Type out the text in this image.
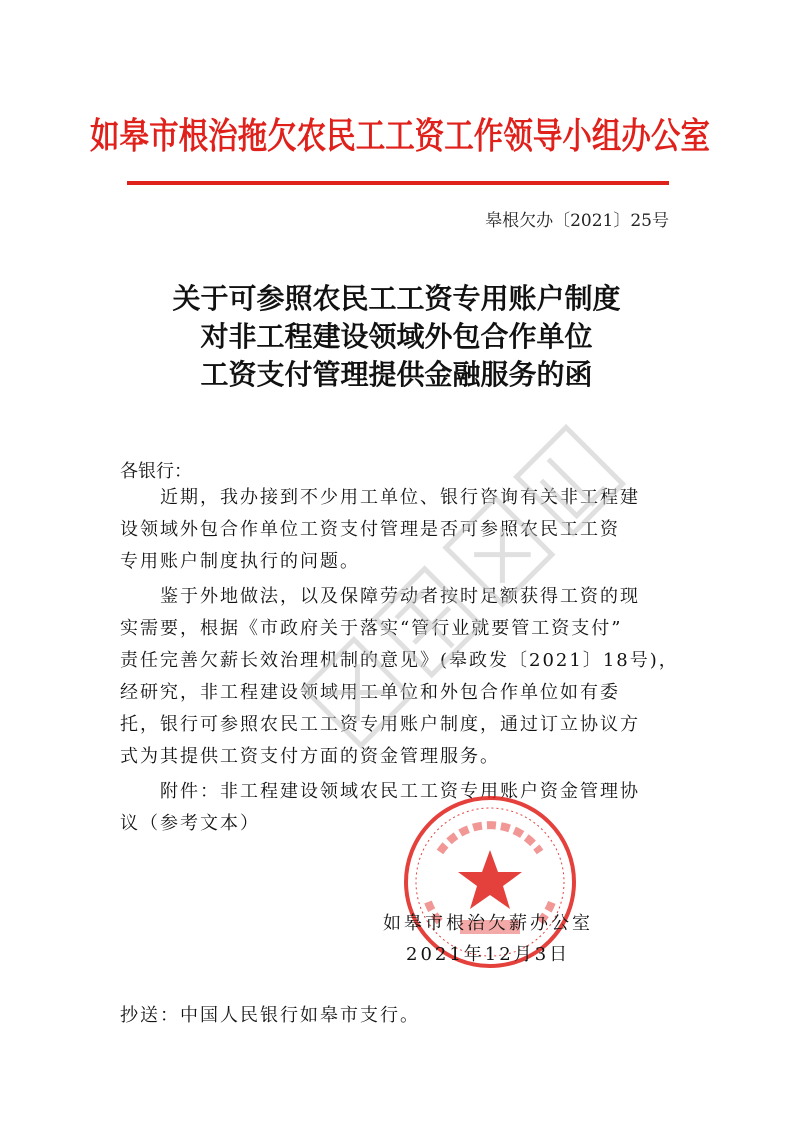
如皋市根治拖欠农民工工资工作领导小组办公室
皋根欠办〔2021〕25号
关于可参照农民工工资专用账户制度
对非工程建设领域外包合作单位
工资支付管理提供金融服务的函
各银行：
近期，我办接到不少用工单位、银行咨询有关非工程建
设领域外包合作单位工资支付管理是否可参照农民工工资
专用账户制度执行的问题。
鉴于外地做法，以及保障劳动者按时足额获得工资的现
实需要，根据《市政府关于落实“管行业就要管工资支付”
责任完善欠薪长效治理机制的意见》(皋政发〔2021〕18号)，
经研究，非工程建设领域用工单位和外包合作单位如有委
托，银行可参照农民工工资专用账户制度，通过订立协议方
式为其提供工资支付方面的资金管理服务。
附件：非工程建设领域农民工工资专用账户资金管理协
议（参考文本）
如皋市根治欠薪办公室
2021年12月3日
抄送：中国人民银行如皋市支行。
